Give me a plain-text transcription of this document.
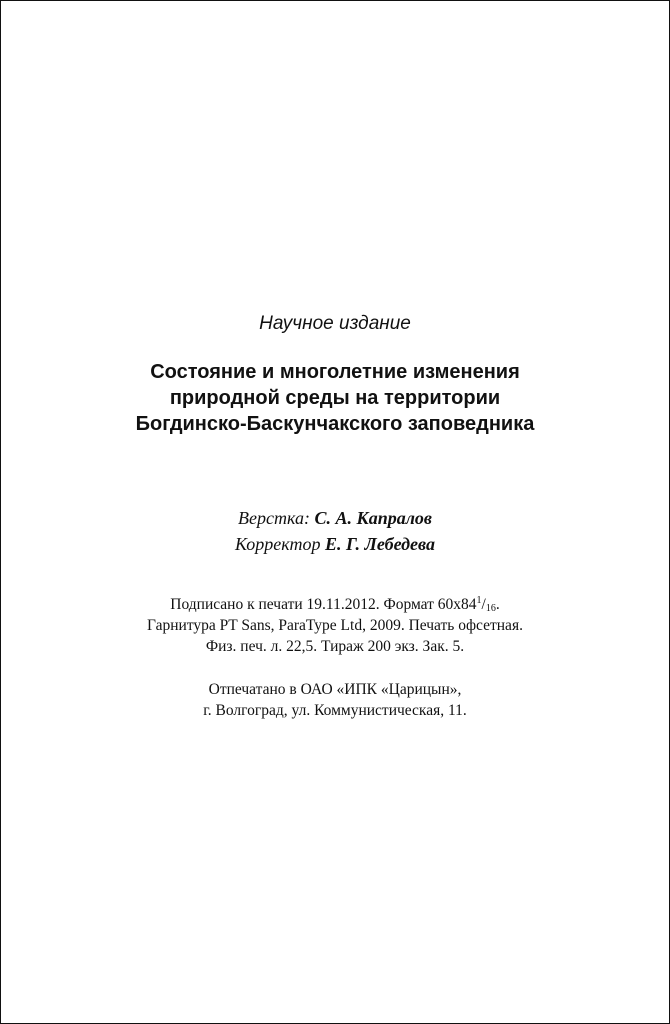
Научное издание
Состояние и многолетние изменения
природной среды на территории
Богдинско-Баскунчакского заповедника
Верстка: С. А. Капралов
Корректор Е. Г. Лебедева
Подписано к печати 19.11.2012. Формат $60x84^1/_{16}$.
Гарнитура PT Sans, ParaType Ltd, 2009. Печать офсетная.
Физ. печ. л. 22,5. Тираж 200 экз. Зак. 5.
Отпечатано в ОАО «ИПК «Царицын»,
г. Волгоград, ул. Коммунистическая, 11.
